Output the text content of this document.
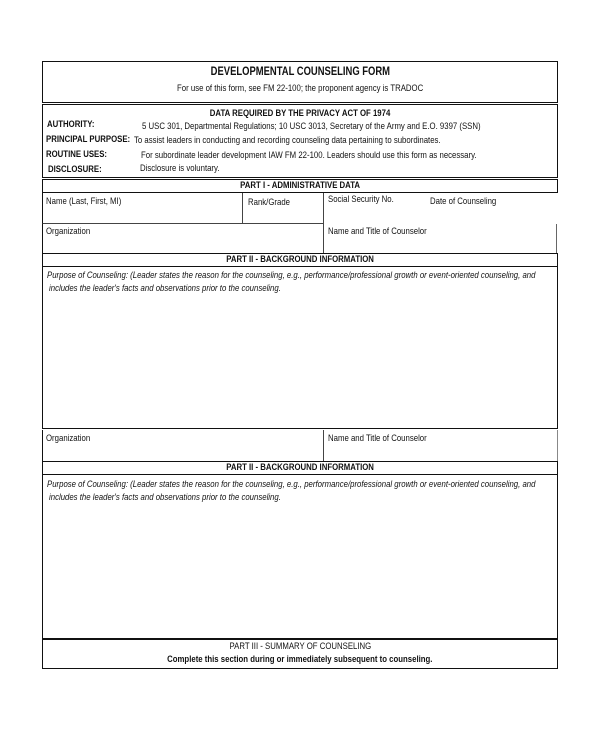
DEVELOPMENTAL COUNSELING FORM
For use of this form, see FM 22-100; the proponent agency is TRADOC
DATA REQUIRED BY THE PRIVACY ACT OF 1974
AUTHORITY:	5 USC 301, Departmental Regulations; 10 USC 3013, Secretary of the Army and E.O. 9397 (SSN)
PRINCIPAL PURPOSE: To assist leaders in conducting and recording counseling data pertaining to subordinates.
ROUTINE USES:	For subordinate leader development IAW FM 22-100. Leaders should use this form as necessary.
DISCLOSURE:	Disclosure is voluntary.
PART I - ADMINISTRATIVE DATA
Name (Last, First, MI)	Rank/Grade	Social Security No.	Date of Counseling
Organization	Name and Title of Counselor
PART II - BACKGROUND INFORMATION
Purpose of Counseling: (Leader states the reason for the counseling, e.g., performance/professional growth or event-oriented counseling, and
includes the leader's facts and observations prior to the counseling.
Organization	Name and Title of Counselor
PART II - BACKGROUND INFORMATION
Purpose of Counseling: (Leader states the reason for the counseling, e.g., performance/professional growth or event-oriented counseling, and
includes the leader's facts and observations prior to the counseling.
PART III - SUMMARY OF COUNSELING
Complete this section during or immediately subsequent to counseling.
